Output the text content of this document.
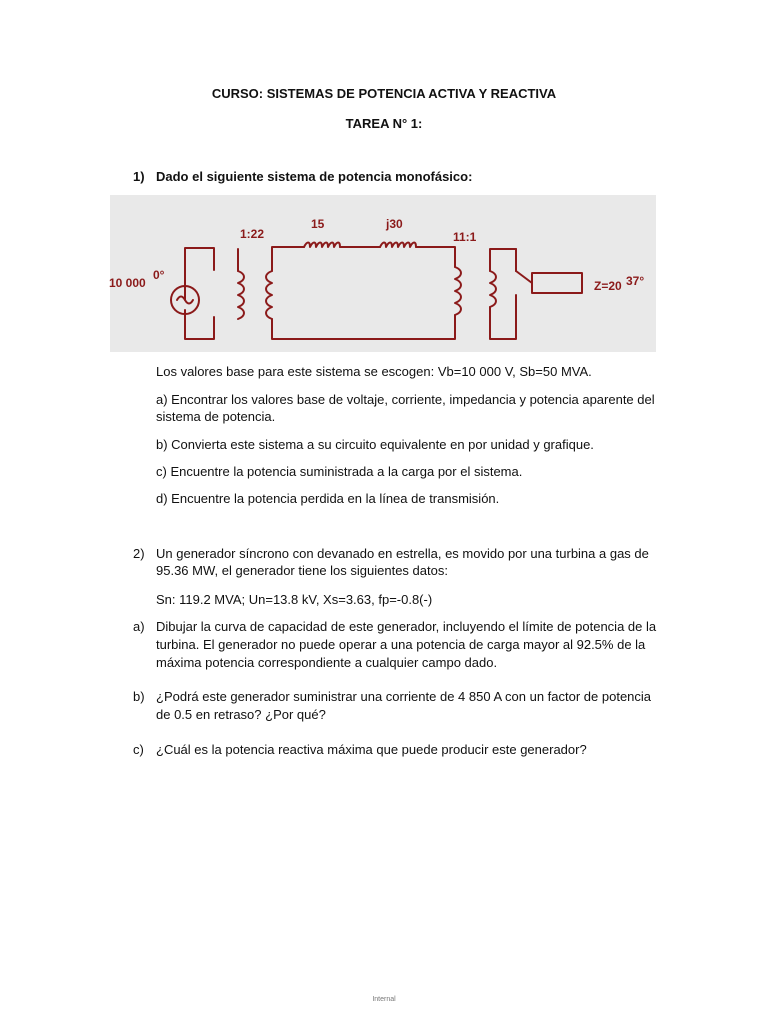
CURSO: SISTEMAS DE POTENCIA ACTIVA Y REACTIVA
TAREA N° 1:
1) Dado el siguiente sistema de potencia monofásico:
10 000
0°
1:22
15	j30
11:1
Z=20 37°
Los valores base para este sistema se escogen: Vb=10 000 V, Sb=50 MVA.
a) Encontrar los valores base de voltaje, corriente, impedancia y potencia aparente del
sistema de potencia.
b) Convierta este sistema a su circuito equivalente en por unidad y grafique.
c) Encuentre la potencia suministrada a la carga por el sistema.
d) Encuentre la potencia perdida en la línea de transmisión.
2) Un generador síncrono con devanado en estrella, es movido por una turbina a gas de
95.36 MW, el generador tiene los siguientes datos:
Sn: 119.2 MVA; Un=13.8 kV, Xs=3.63, fp=-0.8(-)
a) Dibujar la curva de capacidad de este generador, incluyendo el límite de potencia de la
turbina. El generador no puede operar a una potencia de carga mayor al 92.5% de la
máxima potencia correspondiente a cualquier campo dado.
b) ¿Podrá este generador suministrar una corriente de 4 850 A con un factor de potencia
de 0.5 en retraso? ¿Por qué?
c) ¿Cuál es la potencia reactiva máxima que puede producir este generador?
Internal
